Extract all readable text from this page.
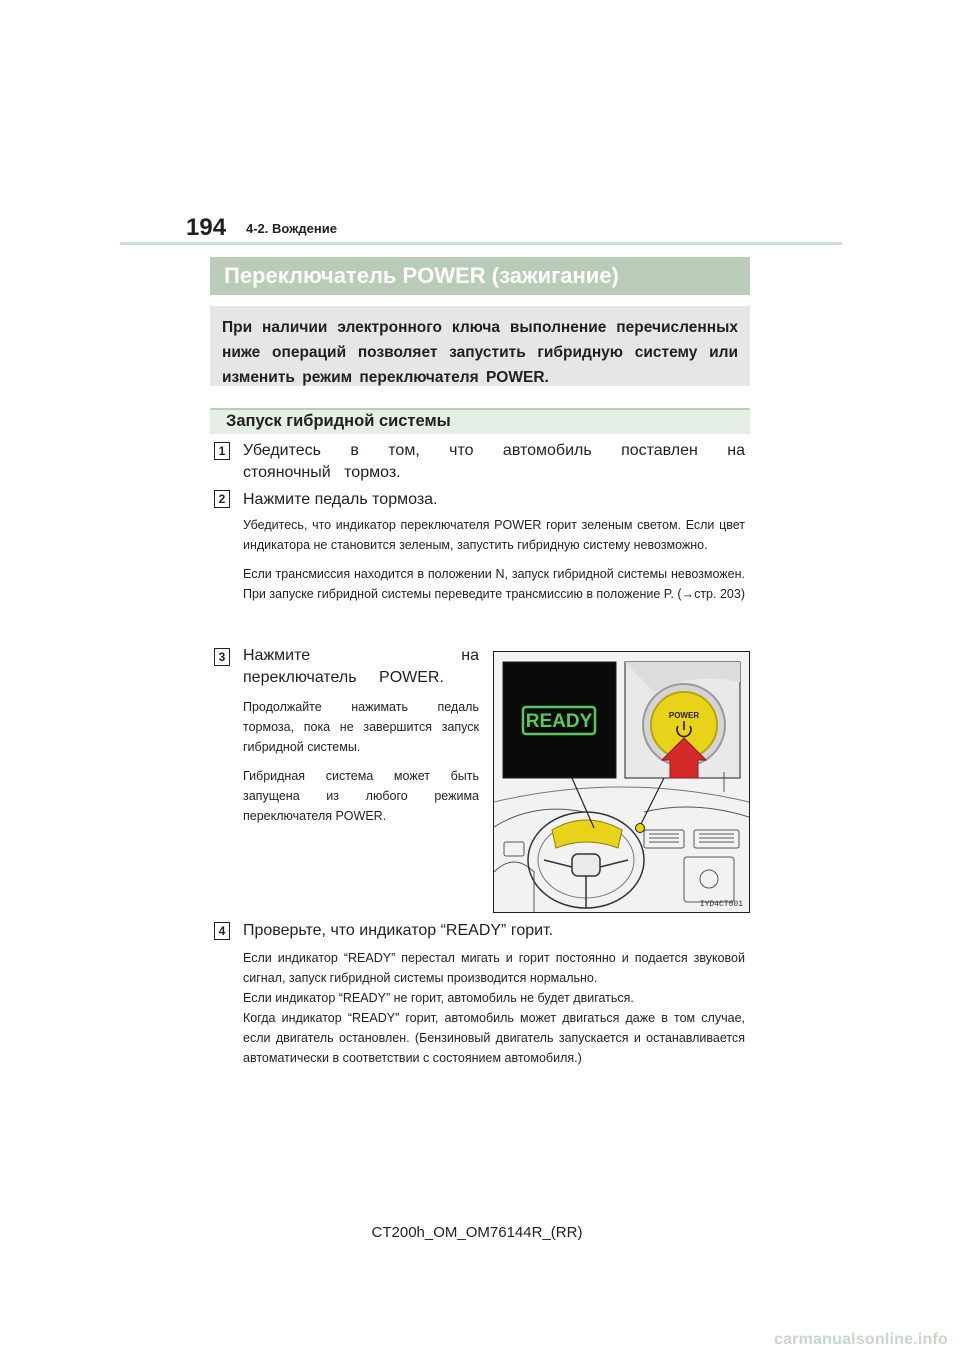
194 4-2. Вождение
Переключатель POWER (зажигание)
При наличии электронного ключа выполнение перечисленных ниже операций позволяет запустить гибридную систему или изменить режим переключателя POWER.
Запуск гибридной системы
1 Убедитесь в том, что автомобиль поставлен на стояночный тормоз.
2 Нажмите педаль тормоза.

Убедитесь, что индикатор переключателя POWER горит зеленым светом. Если цвет индикатора не становится зеленым, запустить гибридную систему невозможно.

Если трансмиссия находится в положении N, запуск гибридной системы невозможен. При запуске гибридной системы переведите трансмиссию в положение P. (→стр. 203)

3 Нажмите на переключатель POWER.

Продолжайте нажимать педаль тормоза, пока не завершится запуск гибридной системы.

Гибридная система может быть запущена из любого режима переключателя POWER.

READY	POWER
IYD4CT001
4 Проверьте, что индикатор “READY” горит.

Если индикатор “READY” перестал мигать и горит постоянно и подается звуковой сигнал, запуск гибридной системы производится нормально.

Если индикатор “READY” не горит, автомобиль не будет двигаться.

Когда индикатор “READY” горит, автомобиль может двигаться даже в том случае, если двигатель остановлен. (Бензиновый двигатель запускается и останавливается автоматически в соответствии с состоянием автомобиля.)

CT200h_OM_OM76144R_(RR)
carmanualsonline.info
